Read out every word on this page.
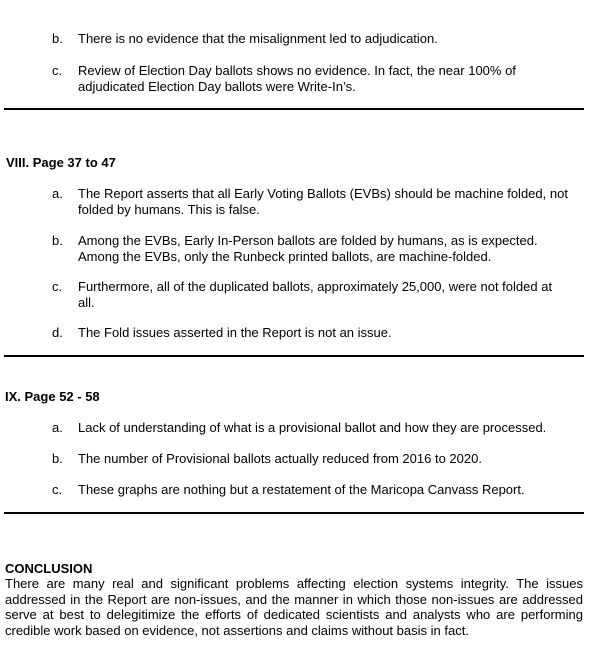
b.	There is no evidence that the misalignment led to adjudication.
c.	Review of Election Day ballots shows no evidence. In fact, the near 100% of adjudicated Election Day ballots were Write-In’s.
VIII. Page 37 to 47
a.	The Report asserts that all Early Voting Ballots (EVBs) should be machine folded, not folded by humans. This is false.
b.	Among the EVBs, Early In-Person ballots are folded by humans, as is expected. Among the EVBs, only the Runbeck printed ballots, are machine-folded.
c.	Furthermore, all of the duplicated ballots, approximately 25,000, were not folded at all.
d.	The Fold issues asserted in the Report is not an issue.
IX. Page 52 - 58
a.	Lack of understanding of what is a provisional ballot and how they are processed.
b.	The number of Provisional ballots actually reduced from 2016 to 2020.
c.	These graphs are nothing but a restatement of the Maricopa Canvass Report.
CONCLUSION
There are many real and significant problems affecting election systems integrity. The issues addressed in the Report are non-issues, and the manner in which those non-issues are addressed serve at best to delegitimize the efforts of dedicated scientists and analysts who are performing credible work based on evidence, not assertions and claims without basis in fact.
